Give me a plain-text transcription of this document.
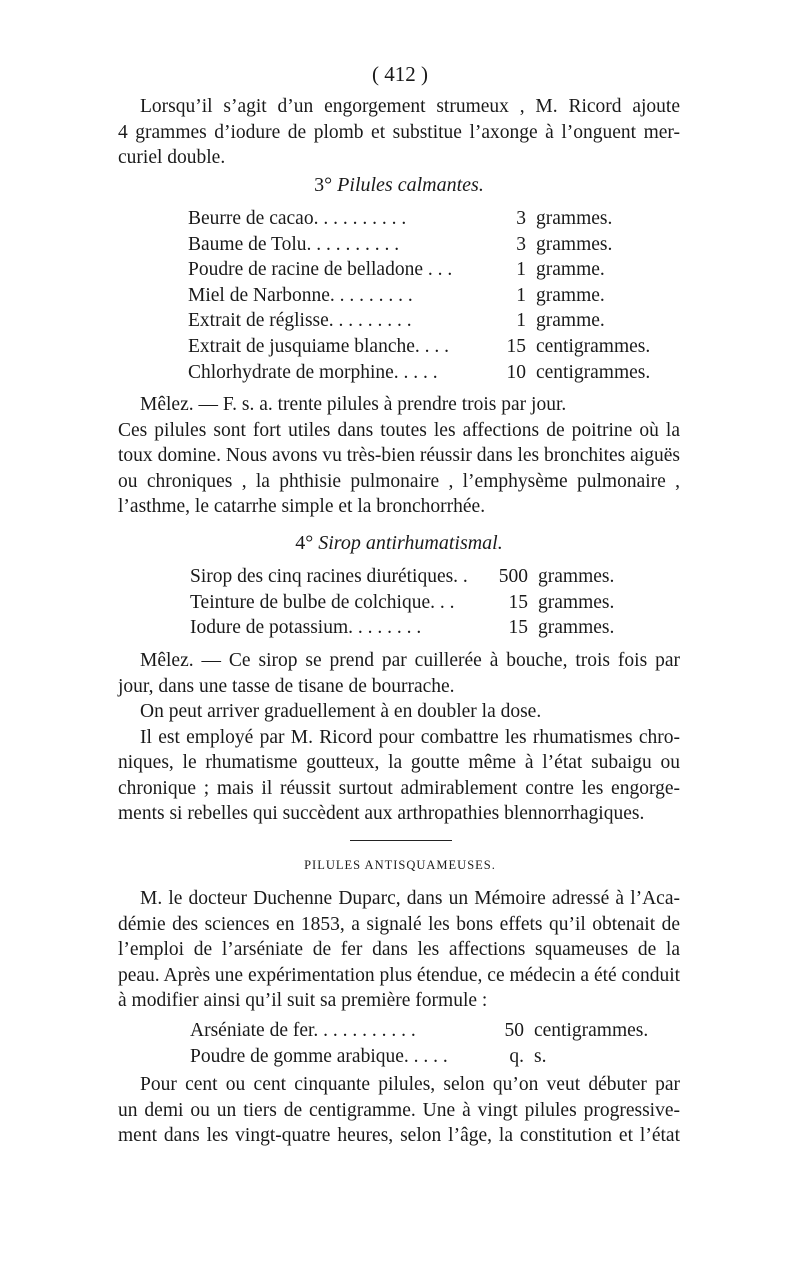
( 412 )

Lorsqu’il s’agit d’un engorgement strumeux , M. Ricord ajoute

4 grammes d’iodure de plomb et substitue l’axonge à l’onguent mer-

curiel double.

3° Pilules calmantes.

Beurre de cacao. . . . . . . . . .	3 grammes.
Baume de Tolu. . . . . . . . . .	3 grammes.
Poudre de racine de belladone . . .	1 gramme.
Miel de Narbonne. . . . . . . . .	1 gramme.
Extrait de réglisse. . . . . . . . .	1 gramme.
Extrait de jusquiame blanche. . . .	15 centigrammes.
Chlorhydrate de morphine. . . . .	10 centigrammes.

Mêlez. — F. s. a. trente pilules à prendre trois par jour.

Ces pilules sont fort utiles dans toutes les affections de poitrine où la

toux domine. Nous avons vu très-bien réussir dans les bronchites aiguës

ou chroniques , la phthisie pulmonaire , l’emphysème pulmonaire ,

l’asthme, le catarrhe simple et la bronchorrhée.

4° Sirop antirhumatismal.

Sirop des cinq racines diurétiques. .	500 grammes.
Teinture de bulbe de colchique. . .	15 grammes.
Iodure de potassium. . . . . . . .	15 grammes.

Mêlez. — Ce sirop se prend par cuillerée à bouche, trois fois par

jour, dans une tasse de tisane de bourrache.

On peut arriver graduellement à en doubler la dose.

Il est employé par M. Ricord pour combattre les rhumatismes chro-

niques, le rhumatisme goutteux, la goutte même à l’état subaigu ou

chronique ; mais il réussit surtout admirablement contre les engorge-

ments si rebelles qui succèdent aux arthropathies blennorrhagiques.

PILULES ANTISQUAMEUSES.

M. le docteur Duchenne Duparc, dans un Mémoire adressé à l’Aca-

démie des sciences en 1853, a signalé les bons effets qu’il obtenait de

l’emploi de l’arséniate de fer dans les affections squameuses de la

peau. Après une expérimentation plus étendue, ce médecin a été conduit

à modifier ainsi qu’il suit sa première formule :

Arséniate de fer. . . . . . . . . . .	50 centigrammes.
Poudre de gomme arabique. . . . .	q. s.

Pour cent ou cent cinquante pilules, selon qu’on veut débuter par

un demi ou un tiers de centigramme. Une à vingt pilules progressive-

ment dans les vingt-quatre heures, selon l’âge, la constitution et l’état
